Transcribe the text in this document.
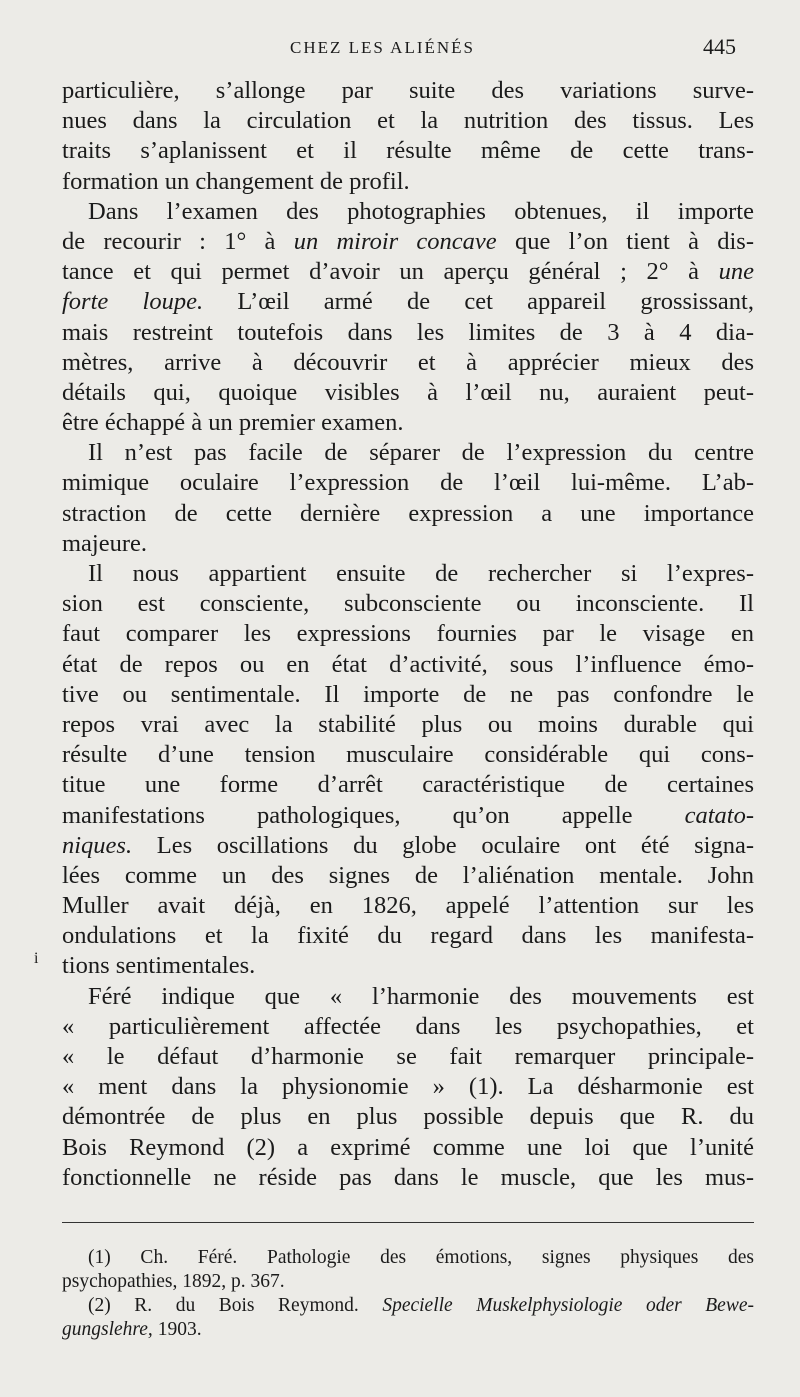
CHEZ LES ALIÉNÉS	445
particulière, s’allonge par suite des variations surve-
nues dans la circulation et la nutrition des tissus. Les
traits s’aplanissent et il résulte même de cette trans-
formation un changement de profil.
Dans l’examen des photographies obtenues, il importe
de recourir : 1° à un miroir concave que l’on tient à dis-
tance et qui permet d’avoir un aperçu général ; 2° à une
forte loupe. L’œil armé de cet appareil grossissant,
mais restreint toutefois dans les limites de 3 à 4 dia-
mètres, arrive à découvrir et à apprécier mieux des
détails qui, quoique visibles à l’œil nu, auraient peut-
être échappé à un premier examen.
Il n’est pas facile de séparer de l’expression du centre
mimique oculaire l’expression de l’œil lui-même. L’ab-
straction de cette dernière expression a une importance
majeure.
Il nous appartient ensuite de rechercher si l’expres-
sion est consciente, subconsciente ou inconsciente. Il
faut comparer les expressions fournies par le visage en
état de repos ou en état d’activité, sous l’influence émo-
tive ou sentimentale. Il importe de ne pas confondre le
repos vrai avec la stabilité plus ou moins durable qui
résulte d’une tension musculaire considérable qui cons-
titue une forme d’arrêt caractéristique de certaines
manifestations pathologiques, qu’on appelle catato-
niques. Les oscillations du globe oculaire ont été signa-
lées comme un des signes de l’aliénation mentale. John
Muller avait déjà, en 1826, appelé l’attention sur les
ondulations et la fixité du regard dans les manifesta-
tions sentimentales.
Féré indique que « l’harmonie des mouvements est
« particulièrement affectée dans les psychopathies, et
« le défaut d’harmonie se fait remarquer principale-
« ment dans la physionomie » (1). La désharmonie est
démontrée de plus en plus possible depuis que R. du
Bois Reymond (2) a exprimé comme une loi que l’unité
fonctionnelle ne réside pas dans le muscle, que les mus-
i
(1) Ch. Féré. Pathologie des émotions, signes physiques des
psychopathies, 1892, p. 367.
(2) R. du Bois Reymond. Specielle Muskelphysiologie oder Bewe-
gungslehre, 1903.
